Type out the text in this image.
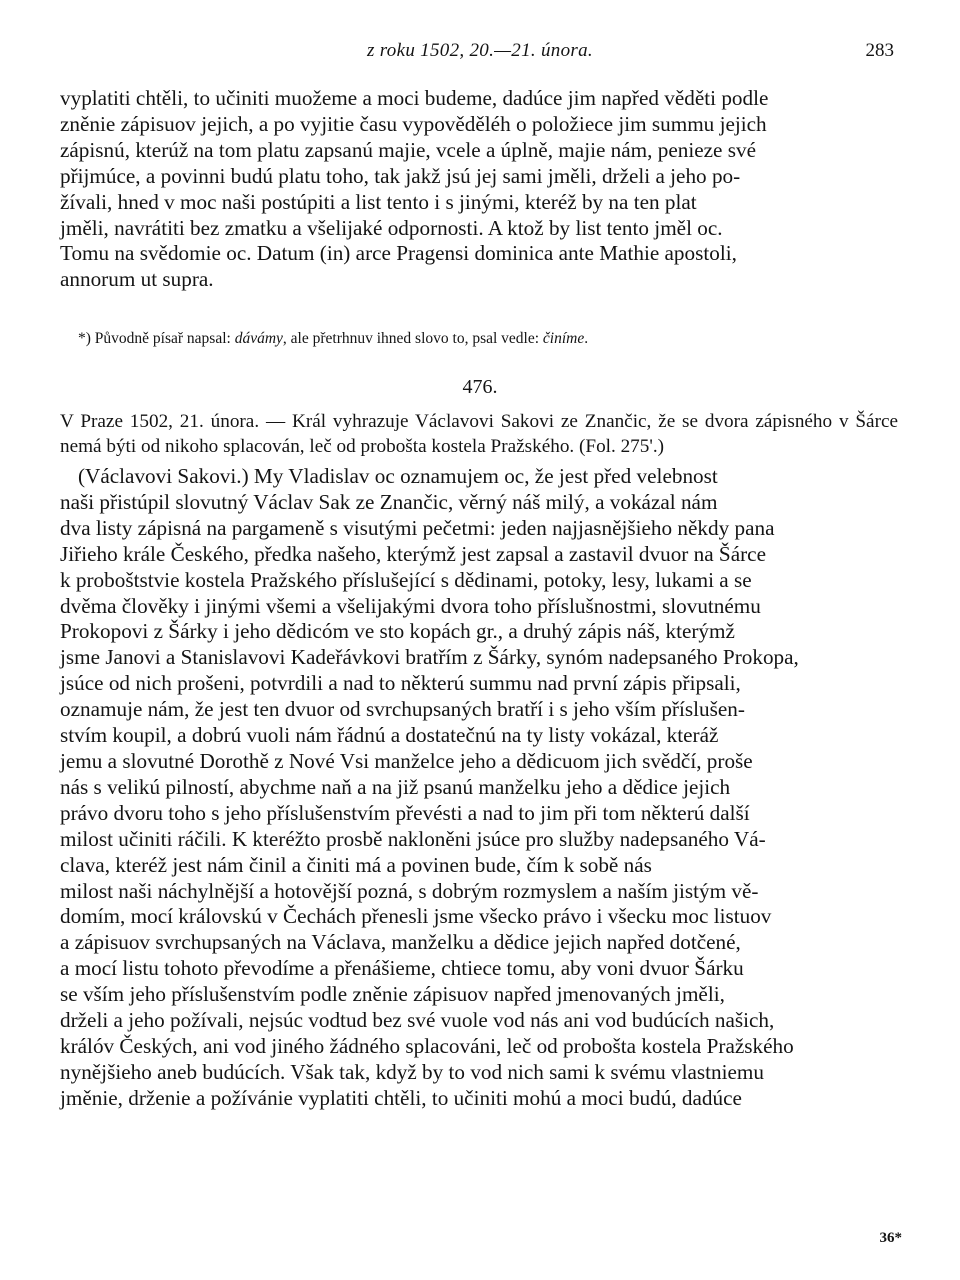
z roku 1502, 20.—21. února.	283

vyplatiti chtěli, to učiniti muožeme a moci budeme, dadúce jim napřed věděti podle

zněnie zápisuov jejich, a po vyjitie času vypověděléh o položiece jim summu jejich

zápisnú, kterúž na tom platu zapsanú majie, vcele a úplně, majie nám, penieze své

přijmúce, a povinni budú platu toho, tak jakž jsú jej sami jměli, drželi a jeho po-

žívali, hned v moc naši postúpiti a list tento i s jinými, kteréž by na ten plat

jměli, navrátiti bez zmatku a všelijaké odpornosti. A ktož by list tento jměl oc.

Tomu na svědomie oc. Datum (in) arce Pragensi dominica ante Mathie apostoli,

annorum ut supra.

*) Původně písař napsal: dávámy, ale přetrhnuv ihned slovo to, psal vedle: činíme.
476.
V Praze 1502, 21. února. — Král vyhrazuje Václavovi Sakovi ze Znančic, že se dvora zápisného v Šárce nemá býti od nikoho splacován, leč od probošta kostela Pražského. (Fol. 275'.)

(Václavovi Sakovi.) My Vladislav oc oznamujem oc, že jest před velebnost

naši přistúpil slovutný Václav Sak ze Znančic, věrný náš milý, a vokázal nám

dva listy zápisná na pargameně s visutými pečetmi: jeden najjasnějšieho někdy pana

Jiřieho krále Českého, předka našeho, kterýmž jest zapsal a zastavil dvuor na Šárce

k proboštstvie kostela Pražského příslušející s dědinami, potoky, lesy, lukami a se

dvěma člověky i jinými všemi a všelijakými dvora toho příslušnostmi, slovutnému

Prokopovi z Šárky i jeho dědicóm ve sto kopách gr., a druhý zápis náš, kterýmž

jsme Janovi a Stanislavovi Kadeřávkovi bratřím z Šárky, synóm nadepsaného Prokopa,

jsúce od nich prošeni, potvrdili a nad to některú summu nad první zápis připsali,

oznamuje nám, že jest ten dvuor od svrchupsaných bratří i s jeho vším příslušen-

stvím koupil, a dobrú vuoli nám řádnú a dostatečnú na ty listy vokázal, kteráž

jemu a slovutné Dorothě z Nové Vsi manželce jeho a dědicuom jich svědčí, proše

nás s velikú pilností, abychme naň a na již psanú manželku jeho a dědice jejich

právo dvoru toho s jeho příslušenstvím převésti a nad to jim při tom některú další

milost učiniti ráčili. K kteréžto prosbě nakloněni jsúce pro služby nadepsaného Vá-

clava, kteréž jest nám činil a činiti má a povinen bude, čím k sobě nás

milost naši náchylnější a hotovější pozná, s dobrým rozmyslem a naším jistým vě-

domím, mocí královskú v Čechách přenesli jsme všecko právo i všecku moc listuov

a zápisuov svrchupsaných na Václava, manželku a dědice jejich napřed dotčené,

a mocí listu tohoto převodíme a přenášieme, chtiece tomu, aby voni dvuor Šárku

se vším jeho příslušenstvím podle zněnie zápisuov napřed jmenovaných jměli,

drželi a jeho požívali, nejsúc vodtud bez své vuole vod nás ani vod budúcích našich,

králóv Českých, ani vod jiného žádného splacováni, leč od probošta kostela Pražského

nynějšieho aneb budúcích. Však tak, když by to vod nich sami k svému vlastniemu

jměnie, drženie a požívánie vyplatiti chtěli, to učiniti mohú a moci budú, dadúce

36*
